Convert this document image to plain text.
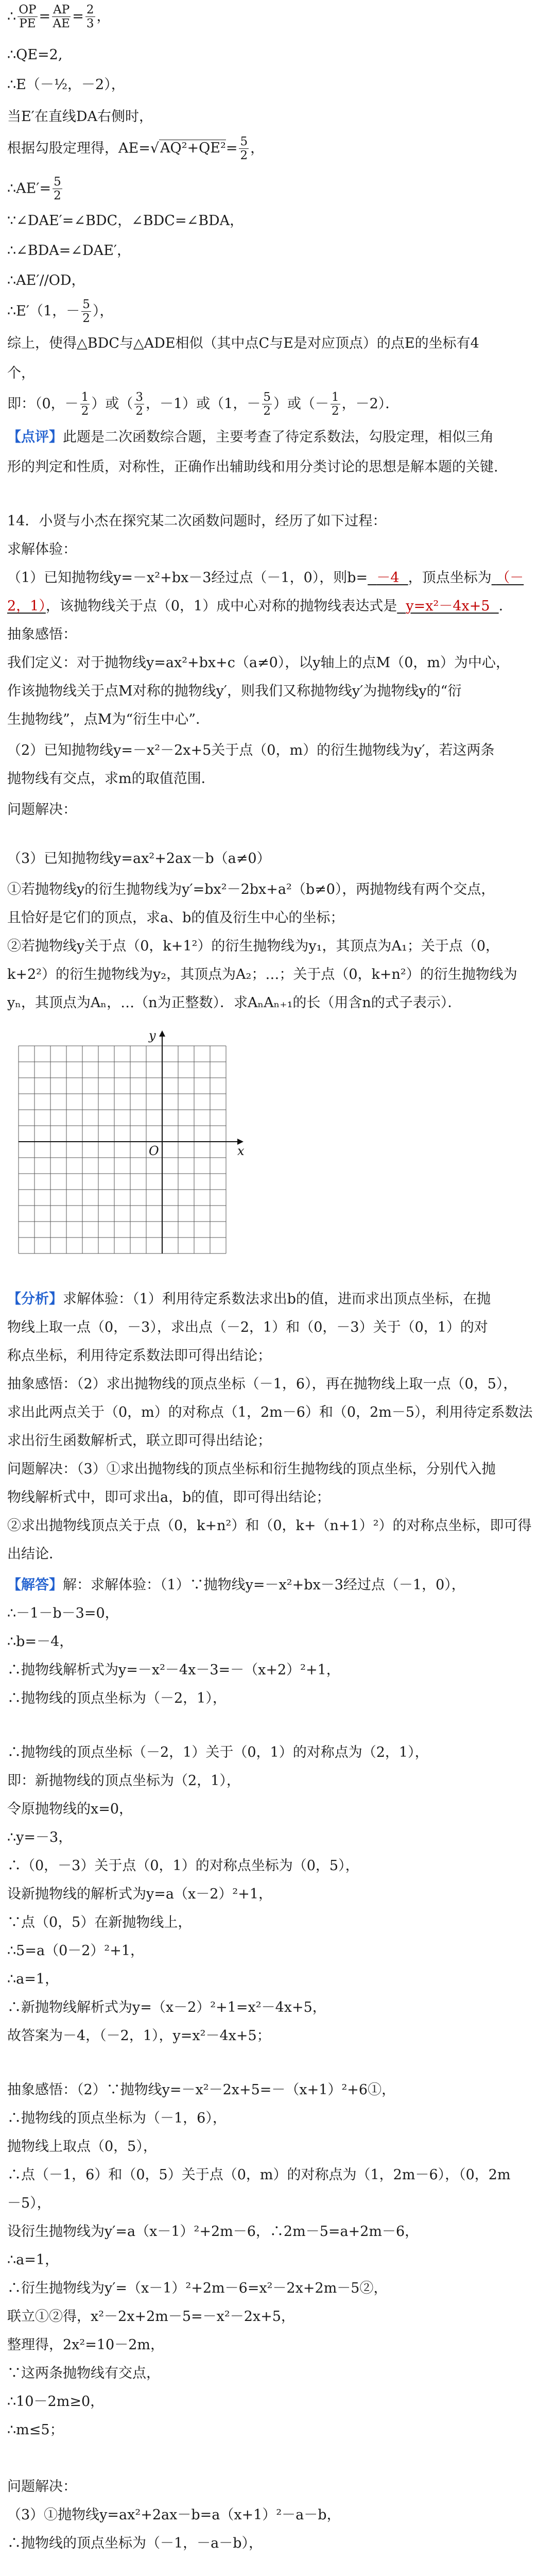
∴ $\frac{OP}{PE} = \frac{AP}{AE} = \frac{2}{3}$ ，
∴QE=2,
∴E（－½，－2），
当E′在直线DA右侧时，
根据勾股定理得，$AE=√AQ^2+QE^2= \frac{5}{2}$ ，
∴AE′= $\frac{5}{2}$
∵∠DAE′=∠BDC，∠BDC=∠BDA，
∴∠BDA=∠DAE′，
∴AE′//OD，
∴E′（1，－ $\frac{5}{2}$ ），
综上，使得△BDC与△ADE相似（其中点C与E是对应顶点）的点E的坐标有4
个，
即：（0，－ $\frac{1}{2}$ ）或（ $\frac{3}{2}$ ，－1）或（1，－ $\frac{5}{2}$ ）或（－ $\frac{1}{2}$ ，－2）．
【点评】此题是二次函数综合题，主要考查了待定系数法，勾股定理，相似三角
形的判定和性质，对称性，正确作出辅助线和用分类讨论的思想是解本题的关键.
14．小贤与小杰在探究某二次函数问题时，经历了如下过程：
求解体验：
（1）已知抛物线y=－x²+bx－3经过点（－1，0），则b= －4 ，顶点坐标为 （－
2，1），该抛物线关于点（0，1）成中心对称的抛物线表达式是 y=x²－4x+5 ．
抽象感悟：
我们定义：对于抛物线y=ax²+bx+c（a≠0），以y轴上的点M（0，m）为中心，
作该抛物线关于点M对称的抛物线y′，则我们又称抛物线y′为抛物线y的“衍
生抛物线”，点M为“衍生中心”．
（2）已知抛物线y=－x²－2x+5关于点（0，m）的衍生抛物线为y′，若这两条
抛物线有交点，求m的取值范围．
问题解决：
（3）已知抛物线y=ax²+2ax－b（a≠0）
①若抛物线y的衍生抛物线为y′=bx²－2bx+a²（b≠0），两抛物线有两个交点，
且恰好是它们的顶点，求a、b的值及衍生中心的坐标；
②若抛物线y关于点（0，k+1²）的衍生抛物线为y₁，其顶点为A₁；关于点（0，
k+2²）的衍生抛物线为y₂，其顶点为A₂；…；关于点（0，k+n²）的衍生抛物线为
yₙ，其顶点为Aₙ，…（n为正整数）．求AₙAₙ₊₁的长（用含n的式子表示）．
x
y
O
【分析】求解体验：（1）利用待定系数法求出b的值，进而求出顶点坐标，在抛
物线上取一点（0，－3），求出点（－2，1）和（0，－3）关于（0，1）的对
称点坐标，利用待定系数法即可得出结论；
抽象感悟：（2）求出抛物线的顶点坐标（－1，6），再在抛物线上取一点（0，5），
求出此两点关于（0，m）的对称点（1，2m－6）和（0，2m－5），利用待定系数法
求出衍生函数解析式，联立即可得出结论；
问题解决：（3）①求出抛物线的顶点坐标和衍生抛物线的顶点坐标，分别代入抛
物线解析式中，即可求出a，b的值，即可得出结论；
②求出抛物线顶点关于点（0，k+n²）和（0，k+（n+1）²）的对称点坐标，即可得
出结论．
【解答】解：求解体验：（1）∵抛物线y=－x²+bx－3经过点（－1，0），
∴－1－b－3=0，
∴b=－4，
∴抛物线解析式为y=－x²－4x－3=－（x+2）²+1，
∴抛物线的顶点坐标为（－2，1），
∴抛物线的顶点坐标（－2，1）关于（0，1）的对称点为（2，1），
即：新抛物线的顶点坐标为（2，1），
令原抛物线的x=0，
∴y=－3，
∴（0，－3）关于点（0，1）的对称点坐标为（0，5），
设新抛物线的解析式为y=a（x－2）²+1，
∵点（0，5）在新抛物线上，
∴5=a（0－2）²+1，
∴a=1，
∴新抛物线解析式为y=（x－2）²+1=x²－4x+5，
故答案为－4，（－2，1），y=x²－4x+5；
抽象感悟：（2）∵抛物线y=－x²－2x+5=－（x+1）²+6①，
∴抛物线的顶点坐标为（－1，6），
抛物线上取点（0，5），
∴点（－1，6）和（0，5）关于点（0，m）的对称点为（1，2m－6），（0，2m
－5），
设衍生抛物线为y′=a（x－1）²+2m－6，∴2m－5=a+2m－6，
∴a=1，
∴衍生抛物线为y′=（x－1）²+2m－6=x²－2x+2m－5②，
联立①②得，x²－2x+2m－5=－x²－2x+5，
整理得，2x²=10－2m，
∵这两条抛物线有交点，
∴10－2m≥0，
∴m≤5；
问题解决：
（3）①抛物线y=ax²+2ax－b=a（x+1）²－a－b，
∴抛物线的顶点坐标为（－1，－a－b），
